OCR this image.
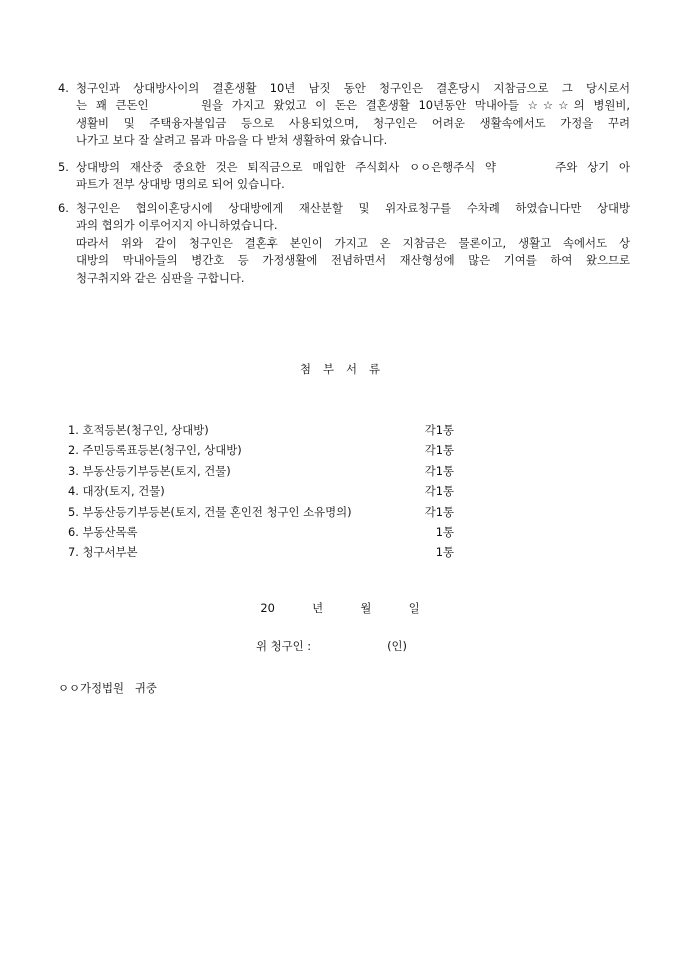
4. 청구인과 상대방사이의 결혼생활 10년 남짓 동안 청구인은 결혼당시 지참금으로 그 당시로서
는 꽤 큰돈인      원을 가지고 왔었고 이 돈은 결혼생활 10년동안 막내아들 ☆☆☆의 병원비,
생활비 및 주택융자불입금 등으로 사용되었으며, 청구인은 어려운 생활속에서도 가정을 꾸려
나가고 보다 잘 살려고 몸과 마음을 다 받쳐 생활하여 왔습니다.
5. 상대방의 재산중 중요한 것은 퇴직금으로 매입한 주식회사 ㅇㅇ은행주식 약      주와 상기 아
파트가 전부 상대방 명의로 되어 있습니다.
6. 청구인은 협의이혼당시에 상대방에게 재산분할 및 위자료청구를 수차례 하였습니다만 상대방
과의 협의가 이루어지지 아니하였습니다.
따라서 위와 같이 청구인은 결혼후 본인이 가지고 온 지참금은 물론이고, 생활고 속에서도 상
대방의 막내아들의 병간호 등 가정생활에 전념하면서 재산형성에 많은 기여를 하여 왔으므로
청구취지와 같은 심판을 구합니다.
첨부서류
1. 호적등본(청구인, 상대방)	각1통
2. 주민등록표등본(청구인, 상대방)	각1통
3. 부동산등기부등본(토지, 건물)	각1통
4. 대장(토지, 건물)	각1통
5. 부동산등기부등본(토지, 건물 혼인전 청구인 소유명의)	각1통
6. 부동산목록	1통
7. 청구서부본	1통
20	년	월	일
위 청구인 :	(인)
ㅇㅇ가정법원   귀중
